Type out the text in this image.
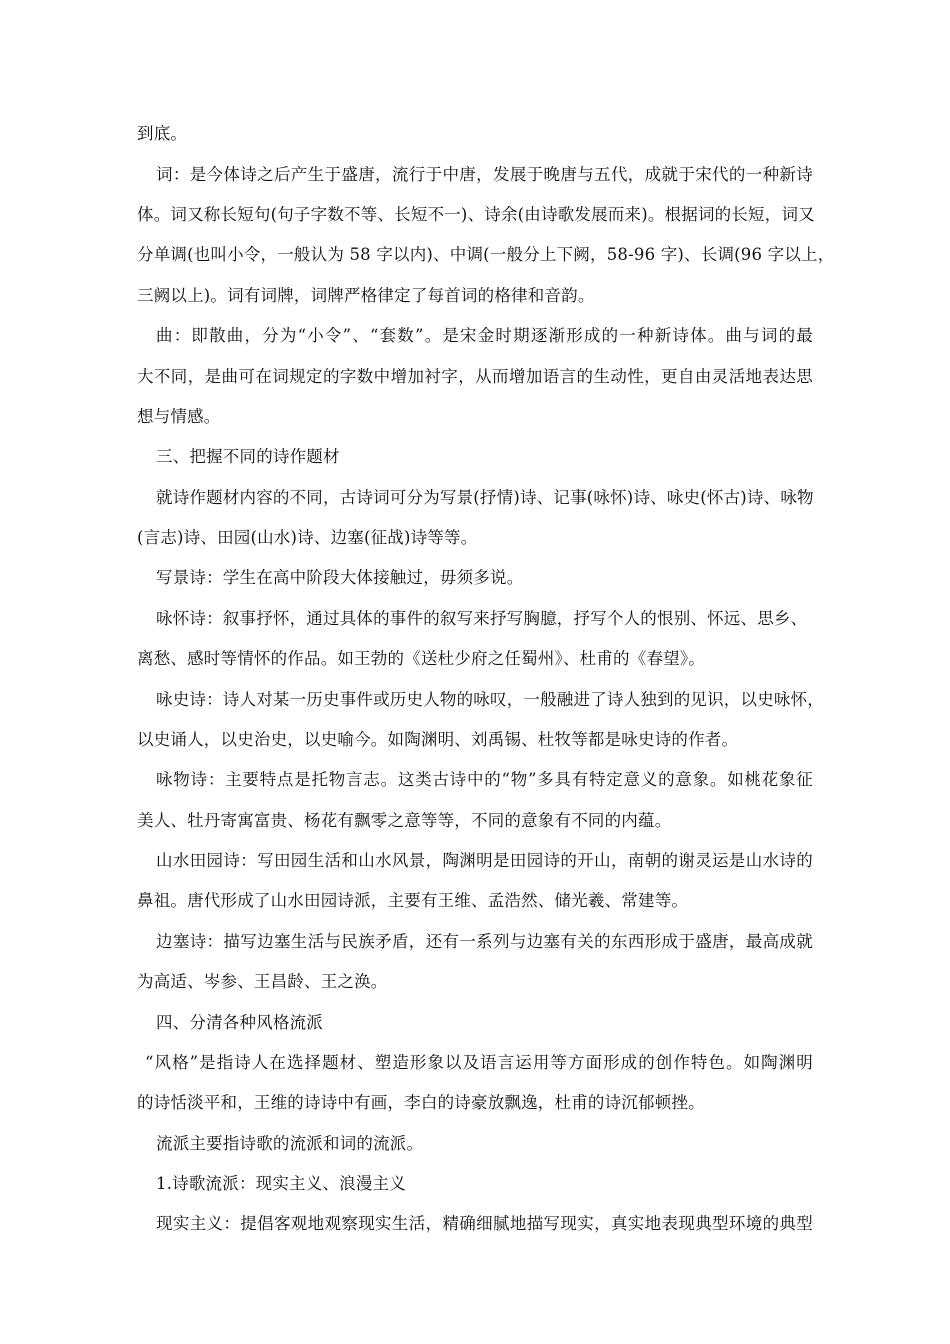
到底。
词：是今体诗之后产生于盛唐，流行于中唐，发展于晚唐与五代，成就于宋代的一种新诗
体。词又称长短句(句子字数不等、长短不一)、诗余(由诗歌发展而来)。根据词的长短，词又
分单调(也叫小令，一般认为 58 字以内)、中调(一般分上下阙，58-96 字)、长调(96 字以上，
三阙以上)。词有词牌，词牌严格律定了每首词的格律和音韵。
曲：即散曲，分为“小令”、“套数”。是宋金时期逐渐形成的一种新诗体。曲与词的最
大不同，是曲可在词规定的字数中增加衬字，从而增加语言的生动性，更自由灵活地表达思
想与情感。
三、把握不同的诗作题材
就诗作题材内容的不同，古诗词可分为写景(抒情)诗、记事(咏怀)诗、咏史(怀古)诗、咏物
(言志)诗、田园(山水)诗、边塞(征战)诗等等。
写景诗：学生在高中阶段大体接触过，毋须多说。
咏怀诗：叙事抒怀，通过具体的事件的叙写来抒写胸臆，抒写个人的恨别、怀远、思乡、
离愁、感时等情怀的作品。如王勃的《送杜少府之任蜀州》、杜甫的《春望》。
咏史诗：诗人对某一历史事件或历史人物的咏叹，一般融进了诗人独到的见识，以史咏怀，
以史诵人，以史治史，以史喻今。如陶渊明、刘禹锡、杜牧等都是咏史诗的作者。
咏物诗：主要特点是托物言志。这类古诗中的“物”多具有特定意义的意象。如桃花象征
美人、牡丹寄寓富贵、杨花有飘零之意等等，不同的意象有不同的内蕴。
山水田园诗：写田园生活和山水风景，陶渊明是田园诗的开山，南朝的谢灵运是山水诗的
鼻祖。唐代形成了山水田园诗派，主要有王维、孟浩然、储光羲、常建等。
边塞诗：描写边塞生活与民族矛盾，还有一系列与边塞有关的东西形成于盛唐，最高成就
为高适、岑参、王昌龄、王之涣。
四、分清各种风格流派
“风格”是指诗人在选择题材、塑造形象以及语言运用等方面形成的创作特色。如陶渊明
的诗恬淡平和，王维的诗诗中有画，李白的诗豪放飘逸，杜甫的诗沉郁顿挫。
流派主要指诗歌的流派和词的流派。
1.诗歌流派：现实主义、浪漫主义
现实主义：提倡客观地观察现实生活，精确细腻地描写现实，真实地表现典型环境的典型
